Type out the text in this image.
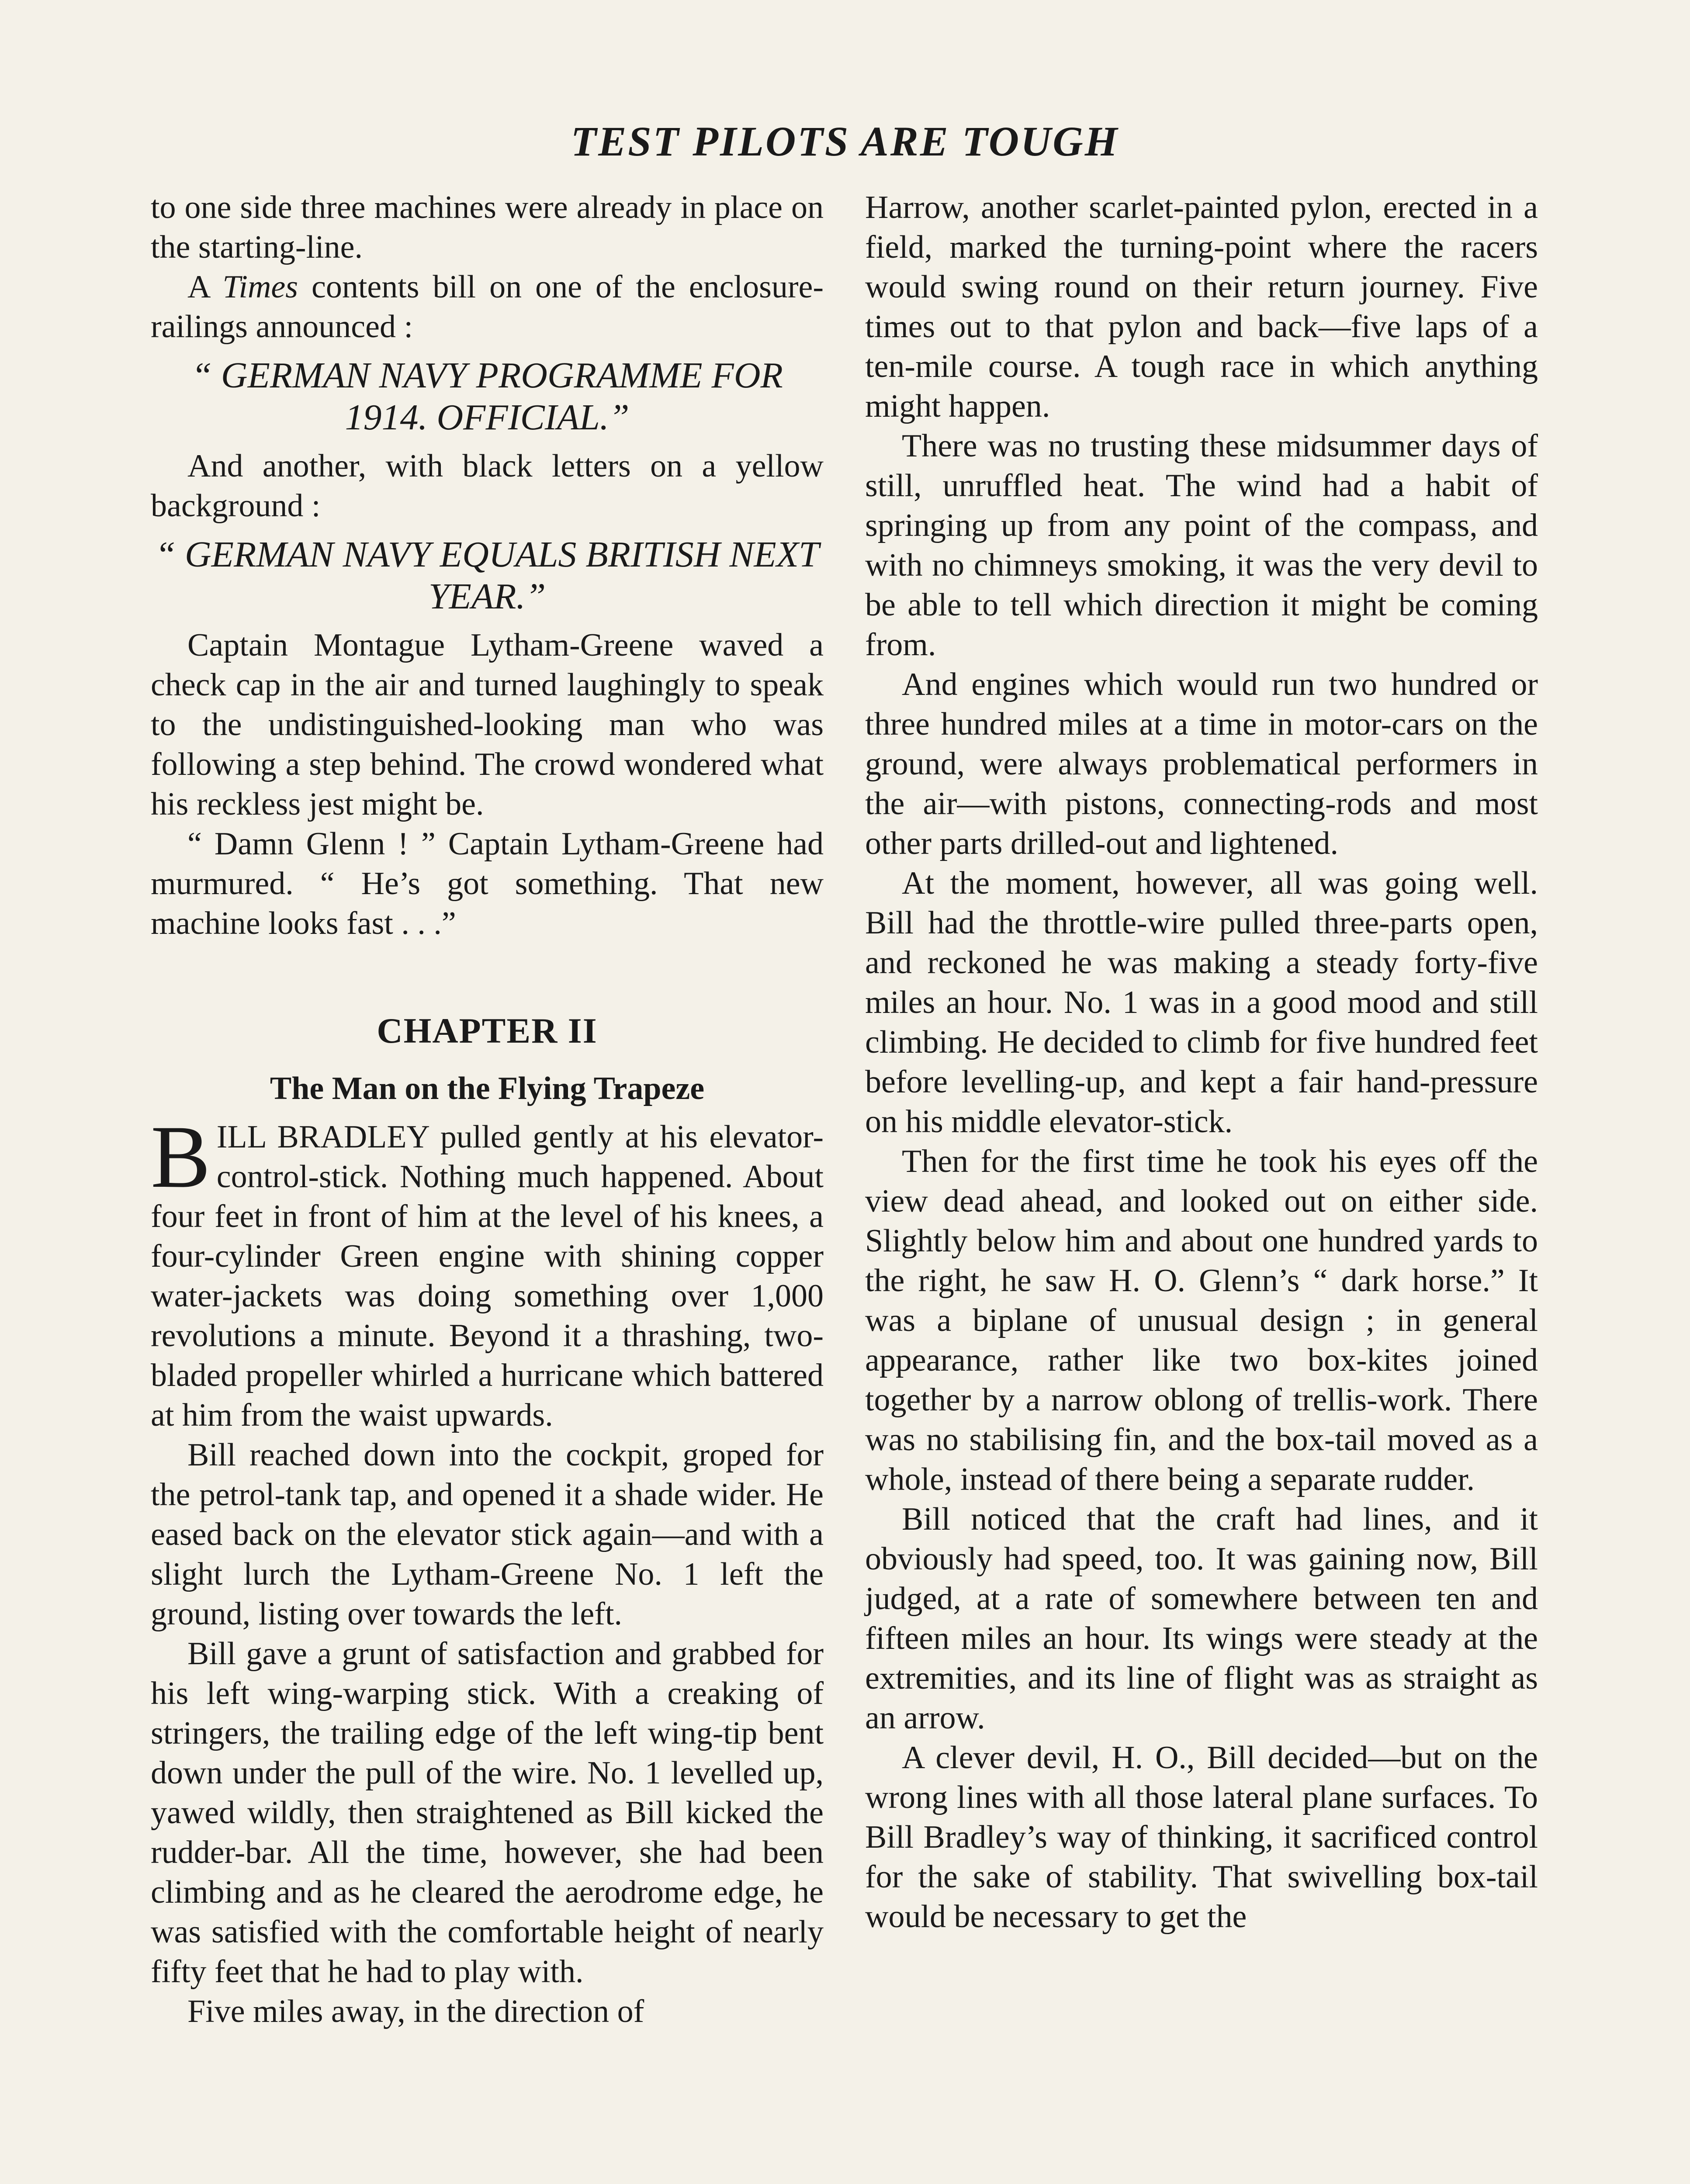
TEST PILOTS ARE TOUGH

to one side three machines were already in place on the starting-line.

A Times contents bill on one of the enclosure-railings announced :

“ GERMAN NAVY PROGRAMME FOR 1914. OFFICIAL.”

And another, with black letters on a yellow background :

“ GERMAN NAVY EQUALS BRITISH NEXT YEAR.”

Captain Montague Lytham-Greene waved a check cap in the air and turned laughingly to speak to the undistinguished-looking man who was following a step behind. The crowd wondered what his reckless jest might be.

“ Damn Glenn ! ” Captain Lytham-Greene had murmured. “ He’s got something. That new machine looks fast . . .”

CHAPTER II
The Man on the Flying Trapeze

BILL BRADLEY pulled gently at his elevator-control-stick. Nothing much happened. About four feet in front of him at the level of his knees, a four-cylinder Green engine with shining copper water-jackets was doing something over 1,000 revolutions a minute. Beyond it a thrashing, two-bladed propeller whirled a hurricane which battered at him from the waist upwards.

Bill reached down into the cockpit, groped for the petrol-tank tap, and opened it a shade wider. He eased back on the elevator stick again—and with a slight lurch the Lytham-Greene No. 1 left the ground, listing over towards the left.

Bill gave a grunt of satisfaction and grabbed for his left wing-warping stick. With a creaking of stringers, the trailing edge of the left wing-tip bent down under the pull of the wire. No. 1 levelled up, yawed wildly, then straightened as Bill kicked the rudder-bar. All the time, however, she had been climbing and as he cleared the aerodrome edge, he was satisfied with the comfortable height of nearly fifty feet that he had to play with.

Five miles away, in the direction of

Harrow, another scarlet-painted pylon, erected in a field, marked the turning-point where the racers would swing round on their return journey. Five times out to that pylon and back—five laps of a ten-mile course. A tough race in which anything might happen.

There was no trusting these midsummer days of still, unruffled heat. The wind had a habit of springing up from any point of the compass, and with no chimneys smoking, it was the very devil to be able to tell which direction it might be coming from.

And engines which would run two hundred or three hundred miles at a time in motor-cars on the ground, were always problematical performers in the air—with pistons, connecting-rods and most other parts drilled-out and lightened.

At the moment, however, all was going well. Bill had the throttle-wire pulled three-parts open, and reckoned he was making a steady forty-five miles an hour. No. 1 was in a good mood and still climbing. He decided to climb for five hundred feet before levelling-up, and kept a fair hand-pressure on his middle elevator-stick.

Then for the first time he took his eyes off the view dead ahead, and looked out on either side. Slightly below him and about one hundred yards to the right, he saw H. O. Glenn’s “ dark horse.” It was a biplane of unusual design ; in general appearance, rather like two box-kites joined together by a narrow oblong of trellis-work. There was no stabilising fin, and the box-tail moved as a whole, instead of there being a separate rudder.

Bill noticed that the craft had lines, and it obviously had speed, too. It was gaining now, Bill judged, at a rate of somewhere between ten and fifteen miles an hour. Its wings were steady at the extremities, and its line of flight was as straight as an arrow.

A clever devil, H. O., Bill decided—but on the wrong lines with all those lateral plane surfaces. To Bill Bradley’s way of thinking, it sacrificed control for the sake of stability. That swivelling box-tail would be necessary to get the
